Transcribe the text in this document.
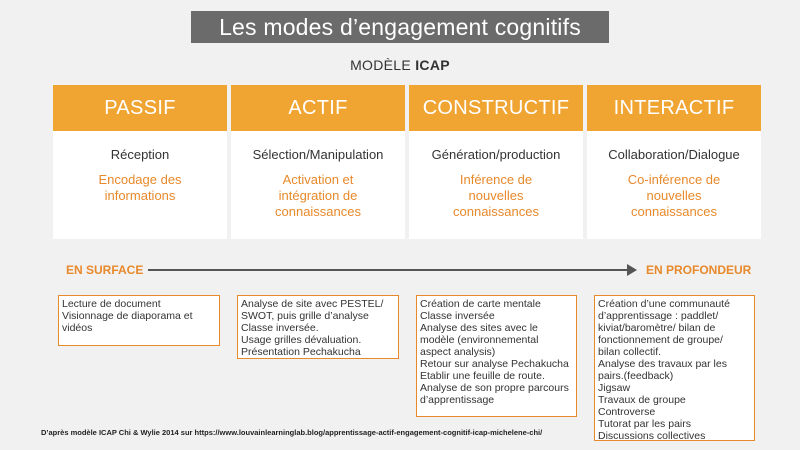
Les modes d’engagement cognitifs
MODÈLE ICAP
PASSIF
Réception
Encodage des informations
ACTIF
Sélection/Manipulation
Activation et intégration de connaissances
CONSTRUCTIF
Génération/production
Inférence de nouvelles connaissances
INTERACTIF
Collaboration/Dialogue
Co-inférence de nouvelles connaissances
EN SURFACE	EN PROFONDEUR
Lecture de document
Visionnage de diaporama et
vidéos
Analyse de site avec PESTEL/
SWOT, puis grille d’analyse
Classe inversée.
Usage grilles dévaluation.
Présentation Pechakucha
Création de carte mentale
Classe inversée
Analyse des sites avec le
modèle (environnemental
aspect analysis)
Retour sur analyse Pechakucha
Etablir une feuille de route.
Analyse de son propre parcours
d’apprentissage
Création d’une communauté
d’apprentissage : paddlet/
kiviat/baromètre/ bilan de
fonctionnement de groupe/
bilan collectif.
Analyse des travaux par les
pairs.(feedback)
Jigsaw
Travaux de groupe
Controverse
Tutorat par les pairs
Discussions collectives
D’après modèle ICAP Chi & Wylie 2014 sur https://www.louvainlearninglab.blog/apprentissage-actif-engagement-cognitif-icap-michelene-chi/
